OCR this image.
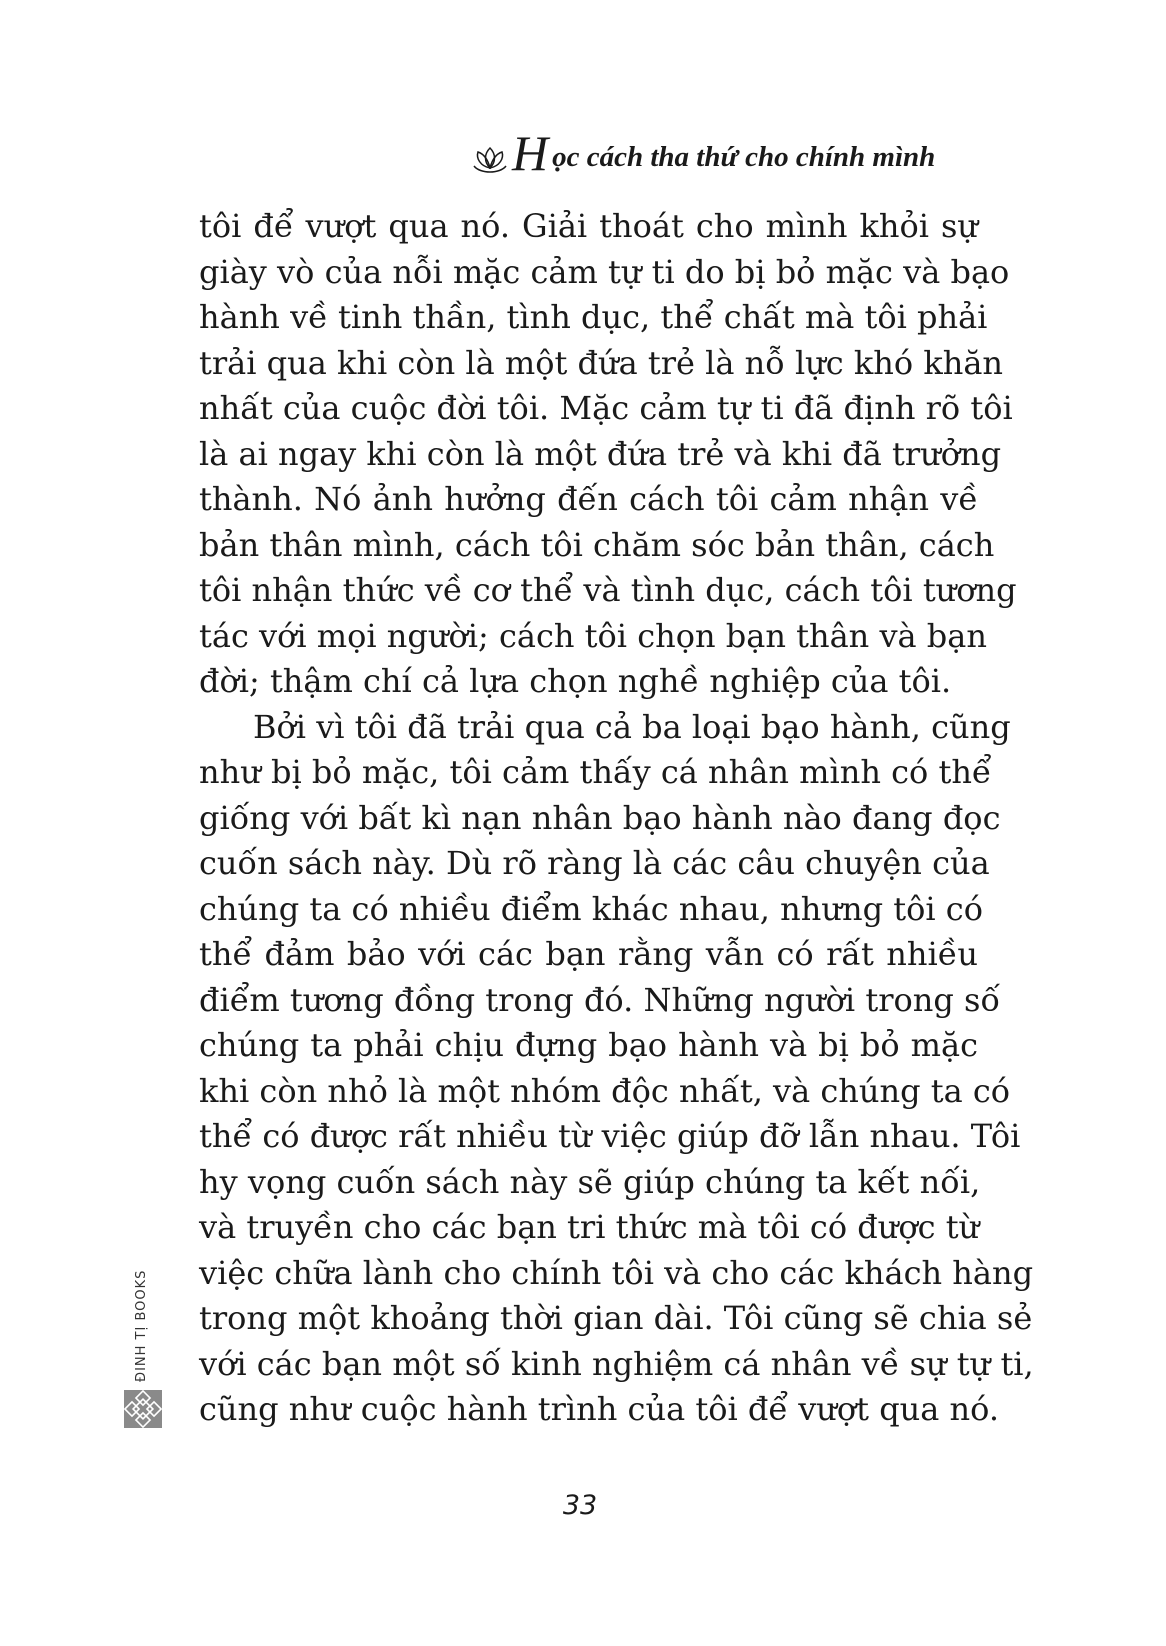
H ọc cách tha thứ cho chính mình
tôi để vượt qua nó. Giải thoát cho mình khỏi sự
giày vò của nỗi mặc cảm tự ti do bị bỏ mặc và bạo
hành về tinh thần, tình dục, thể chất mà tôi phải
trải qua khi còn là một đứa trẻ là nỗ lực khó khăn
nhất của cuộc đời tôi. Mặc cảm tự ti đã định rõ tôi
là ai ngay khi còn là một đứa trẻ và khi đã trưởng
thành. Nó ảnh hưởng đến cách tôi cảm nhận về
bản thân mình, cách tôi chăm sóc bản thân, cách
tôi nhận thức về cơ thể và tình dục, cách tôi tương
tác với mọi người; cách tôi chọn bạn thân và bạn
đời; thậm chí cả lựa chọn nghề nghiệp của tôi.
Bởi vì tôi đã trải qua cả ba loại bạo hành, cũng
như bị bỏ mặc, tôi cảm thấy cá nhân mình có thể
giống với bất kì nạn nhân bạo hành nào đang đọc
cuốn sách này. Dù rõ ràng là các câu chuyện của
chúng ta có nhiều điểm khác nhau, nhưng tôi có
thể đảm bảo với các bạn rằng vẫn có rất nhiều
điểm tương đồng trong đó. Những người trong số
chúng ta phải chịu đựng bạo hành và bị bỏ mặc
khi còn nhỏ là một nhóm độc nhất, và chúng ta có
thể có được rất nhiều từ việc giúp đỡ lẫn nhau. Tôi
hy vọng cuốn sách này sẽ giúp chúng ta kết nối,
và truyền cho các bạn tri thức mà tôi có được từ
việc chữa lành cho chính tôi và cho các khách hàng
trong một khoảng thời gian dài. Tôi cũng sẽ chia sẻ
với các bạn một số kinh nghiệm cá nhân về sự tự ti,
cũng như cuộc hành trình của tôi để vượt qua nó.
ĐINH TỊ BOOKS
33
